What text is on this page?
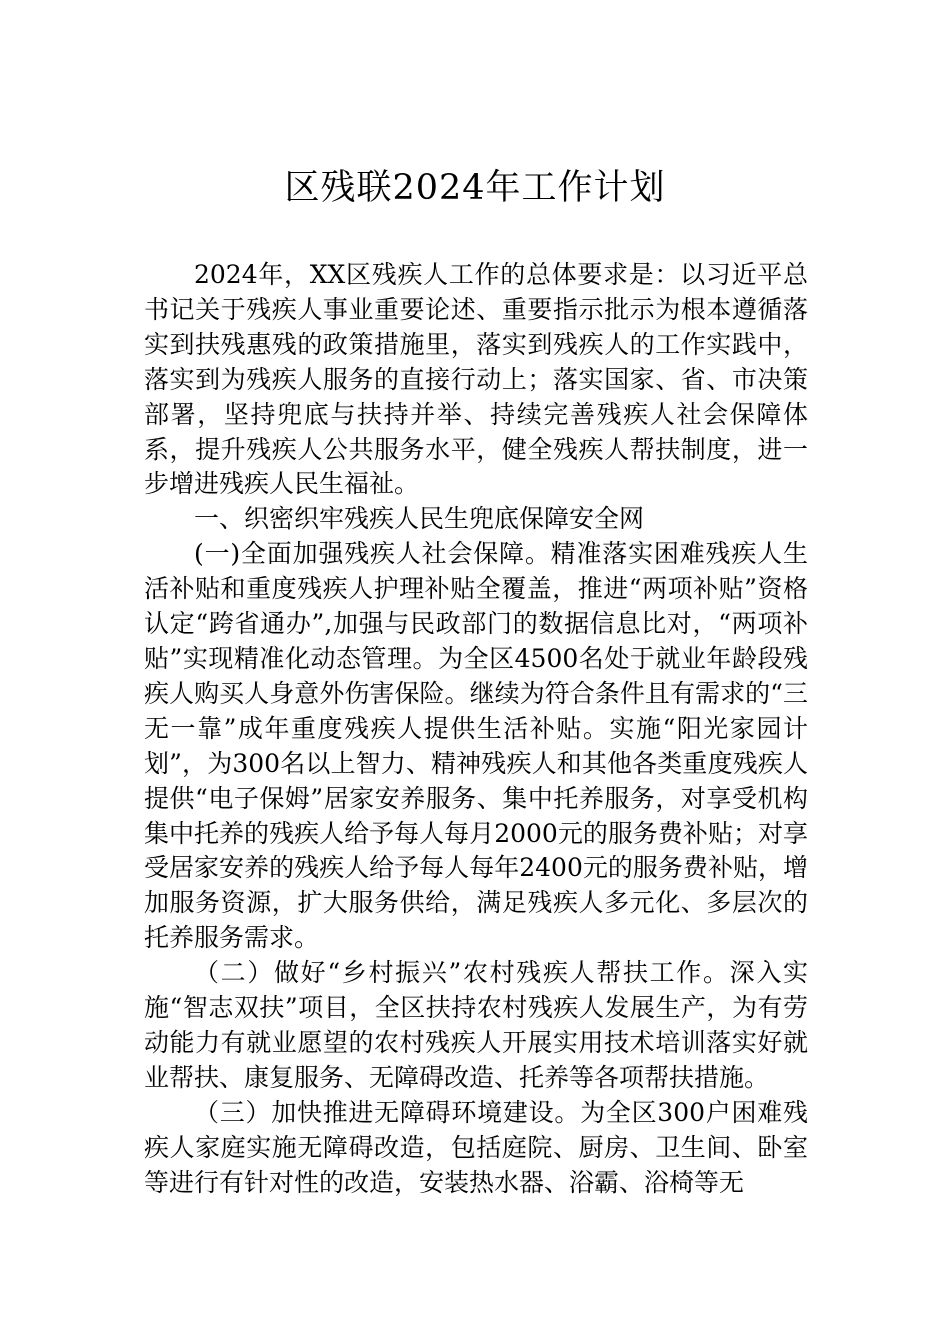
区残联2024年工作计划

2024年，XX区残疾人工作的总体要求是：以习近平总书记关于残疾人事业重要论述、重要指示批示为根本遵循落实到扶残惠残的政策措施里，落实到残疾人的工作实践中，落实到为残疾人服务的直接行动上；落实国家、省、市决策部署，坚持兜底与扶持并举、持续完善残疾人社会保障体系，提升残疾人公共服务水平，健全残疾人帮扶制度，进一步增进残疾人民生福祉。

一、织密织牢残疾人民生兜底保障安全网

(一)全面加强残疾人社会保障。精准落实困难残疾人生活补贴和重度残疾人护理补贴全覆盖，推进“两项补贴”资格认定“跨省通办”,加强与民政部门的数据信息比对，“两项补贴”实现精准化动态管理。为全区4500名处于就业年龄段残疾人购买人身意外伤害保险。继续为符合条件且有需求的“三无一靠”成年重度残疾人提供生活补贴。实施“阳光家园计划”，为300名以上智力、精神残疾人和其他各类重度残疾人提供“电子保姆”居家安养服务、集中托养服务，对享受机构集中托养的残疾人给予每人每月2000元的服务费补贴；对享受居家安养的残疾人给予每人每年2400元的服务费补贴，增加服务资源，扩大服务供给，满足残疾人多元化、多层次的托养服务需求。

（二）做好“乡村振兴”农村残疾人帮扶工作。深入实施“智志双扶”项目，全区扶持农村残疾人发展生产，为有劳动能力有就业愿望的农村残疾人开展实用技术培训落实好就业帮扶、康复服务、无障碍改造、托养等各项帮扶措施。

（三）加快推进无障碍环境建设。为全区300户困难残疾人家庭实施无障碍改造，包括庭院、厨房、卫生间、卧室等进行有针对性的改造，安装热水器、浴霸、浴椅等无
